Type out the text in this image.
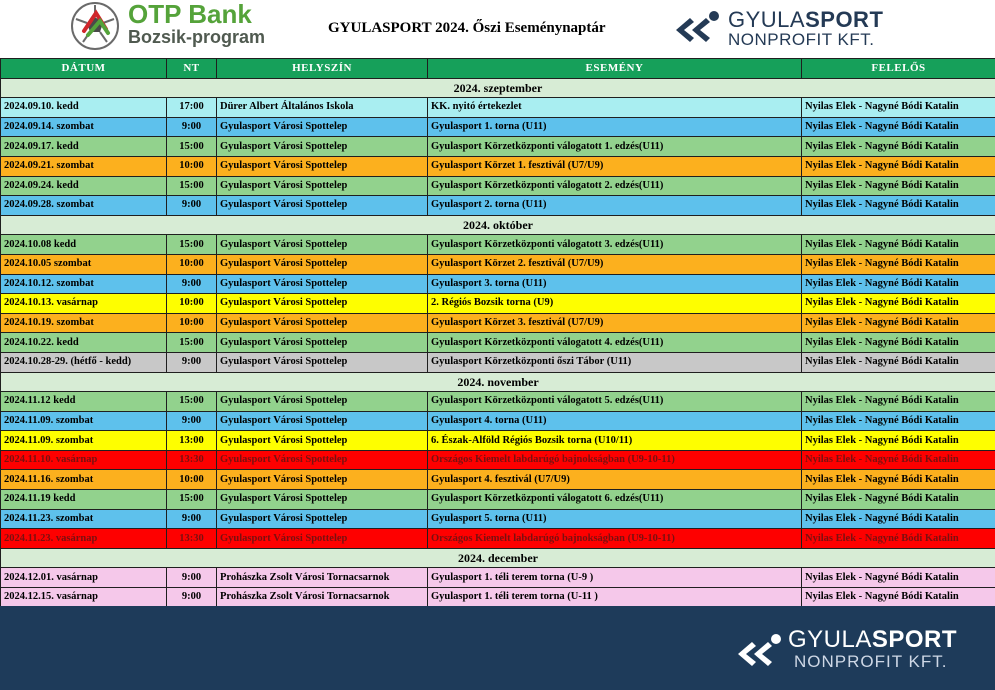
OTP Bank
Bozsik-program	GYULASPORT 2024. Őszi Eseménynaptár	GYULASPORT
NONPROFIT KFT.
DÁTUM	NT	HELYSZÍN	ESEMÉNY	FELELŐS
2024. szeptember				
2024.09.10. kedd	17:00	Dürer Albert Általános Iskola	KK. nyitó értekezlet	Nyilas Elek - Nagyné Bódi Katalin
2024.09.14. szombat	9:00	Gyulasport Városi Spottelep	Gyulasport 1. torna (U11)	Nyilas Elek - Nagyné Bódi Katalin
2024.09.17. kedd	15:00	Gyulasport Városi Spottelep	Gyulasport Körzetközponti válogatott 1. edzés(U11)	Nyilas Elek - Nagyné Bódi Katalin
2024.09.21. szombat	10:00	Gyulasport Városi Spottelep	Gyulasport Körzet 1. fesztivál (U7/U9)	Nyilas Elek - Nagyné Bódi Katalin
2024.09.24. kedd	15:00	Gyulasport Városi Spottelep	Gyulasport Körzetközponti válogatott 2. edzés(U11)	Nyilas Elek - Nagyné Bódi Katalin
2024.09.28. szombat	9:00	Gyulasport Városi Spottelep	Gyulasport 2. torna (U11)	Nyilas Elek - Nagyné Bódi Katalin
2024. október				
2024.10.08 kedd	15:00	Gyulasport Városi Spottelep	Gyulasport Körzetközponti válogatott 3. edzés(U11)	Nyilas Elek - Nagyné Bódi Katalin
2024.10.05 szombat	10:00	Gyulasport Városi Spottelep	Gyulasport Körzet 2. fesztivál (U7/U9)	Nyilas Elek - Nagyné Bódi Katalin
2024.10.12. szombat	9:00	Gyulasport Városi Spottelep	Gyulasport 3. torna (U11)	Nyilas Elek - Nagyné Bódi Katalin
2024.10.13. vasárnap	10:00	Gyulasport Városi Spottelep	2. Régiós Bozsik torna (U9)	Nyilas Elek - Nagyné Bódi Katalin
2024.10.19. szombat	10:00	Gyulasport Városi Spottelep	Gyulasport Körzet 3. fesztivál (U7/U9)	Nyilas Elek - Nagyné Bódi Katalin
2024.10.22. kedd	15:00	Gyulasport Városi Spottelep	Gyulasport Körzetközponti válogatott 4. edzés(U11)	Nyilas Elek - Nagyné Bódi Katalin
2024.10.28-29. (hétfő - kedd)	9:00	Gyulasport Városi Spottelep	Gyulasport Körzetközponti őszi Tábor (U11)	Nyilas Elek - Nagyné Bódi Katalin
2024. november				
2024.11.12 kedd	15:00	Gyulasport Városi Spottelep	Gyulasport Körzetközponti válogatott 5. edzés(U11)	Nyilas Elek - Nagyné Bódi Katalin
2024.11.09. szombat	9:00	Gyulasport Városi Spottelep	Gyulasport 4. torna (U11)	Nyilas Elek - Nagyné Bódi Katalin
2024.11.09. szombat	13:00	Gyulasport Városi Spottelep	6. Észak-Alföld Régiós Bozsik torna (U10/11)	Nyilas Elek - Nagyné Bódi Katalin
2024.11.10. vasárnap	13:30	Gyulasport Városi Spottelep	Országos Kiemelt labdarúgó bajnokságban (U9-10-11)	Nyilas Elek - Nagyné Bódi Katalin
2024.11.16. szombat	10:00	Gyulasport Városi Spottelep	Gyulasport 4. fesztivál (U7/U9)	Nyilas Elek - Nagyné Bódi Katalin
2024.11.19 kedd	15:00	Gyulasport Városi Spottelep	Gyulasport Körzetközponti válogatott 6. edzés(U11)	Nyilas Elek - Nagyné Bódi Katalin
2024.11.23. szombat	9:00	Gyulasport Városi Spottelep	Gyulasport 5. torna (U11)	Nyilas Elek - Nagyné Bódi Katalin
2024.11.23. vasárnap	13:30	Gyulasport Városi Spottelep	Országos Kiemelt labdarúgó bajnokságban (U9-10-11)	Nyilas Elek - Nagyné Bódi Katalin
2024. december				
2024.12.01. vasárnap	9:00	Prohászka Zsolt Városi Tornacsarnok	Gyulasport 1. téli terem torna (U-9 )	Nyilas Elek - Nagyné Bódi Katalin
2024.12.15. vasárnap	9:00	Prohászka Zsolt Városi Tornacsarnok	Gyulasport 1. téli terem torna (U-11 )	Nyilas Elek - Nagyné Bódi Katalin
GYULASPORT
NONPROFIT KFT.
